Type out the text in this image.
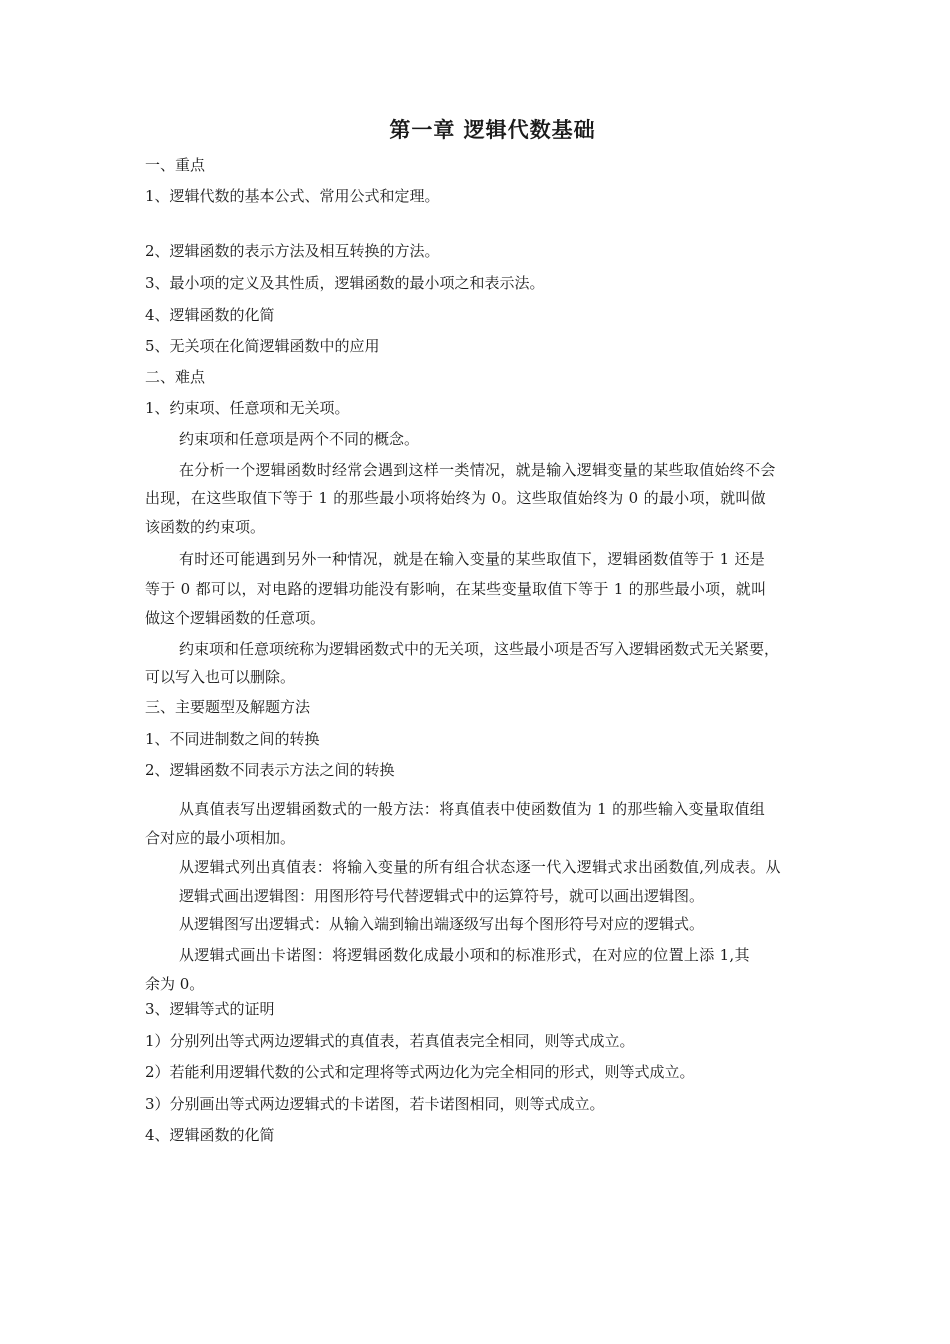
第一章 逻辑代数基础
一、重点
1、逻辑代数的基本公式、常用公式和定理。
2、逻辑函数的表示方法及相互转换的方法。
3、最小项的定义及其性质，逻辑函数的最小项之和表示法。
4、逻辑函数的化简
5、无关项在化简逻辑函数中的应用
二、难点
1、约束项、任意项和无关项。
约束项和任意项是两个不同的概念。
在分析一个逻辑函数时经常会遇到这样一类情况，就是输入逻辑变量的某些取值始终不会
出现，在这些取值下等于 1 的那些最小项将始终为 0。这些取值始终为 0 的最小项，就叫做
该函数的约束项。
有时还可能遇到另外一种情况，就是在输入变量的某些取值下，逻辑函数值等于 1 还是
等于 0 都可以，对电路的逻辑功能没有影响，在某些变量取值下等于 1 的那些最小项，就叫
做这个逻辑函数的任意项。
约束项和任意项统称为逻辑函数式中的无关项，这些最小项是否写入逻辑函数式无关紧要，
可以写入也可以删除。
三、主要题型及解题方法
1、不同进制数之间的转换
2、逻辑函数不同表示方法之间的转换
从真值表写出逻辑函数式的一般方法：将真值表中使函数值为 1 的那些输入变量取值组
合对应的最小项相加。
从逻辑式列出真值表：将输入变量的所有组合状态逐一代入逻辑式求出函数值,列成表。从
逻辑式画出逻辑图：用图形符号代替逻辑式中的运算符号，就可以画出逻辑图。
从逻辑图写出逻辑式：从输入端到输出端逐级写出每个图形符号对应的逻辑式。
从逻辑式画出卡诺图：将逻辑函数化成最小项和的标准形式，在对应的位置上添 1,其
余为 0。
3、逻辑等式的证明
1）分别列出等式两边逻辑式的真值表，若真值表完全相同，则等式成立。
2）若能利用逻辑代数的公式和定理将等式两边化为完全相同的形式，则等式成立。
3）分别画出等式两边逻辑式的卡诺图，若卡诺图相同，则等式成立。
4、逻辑函数的化简
